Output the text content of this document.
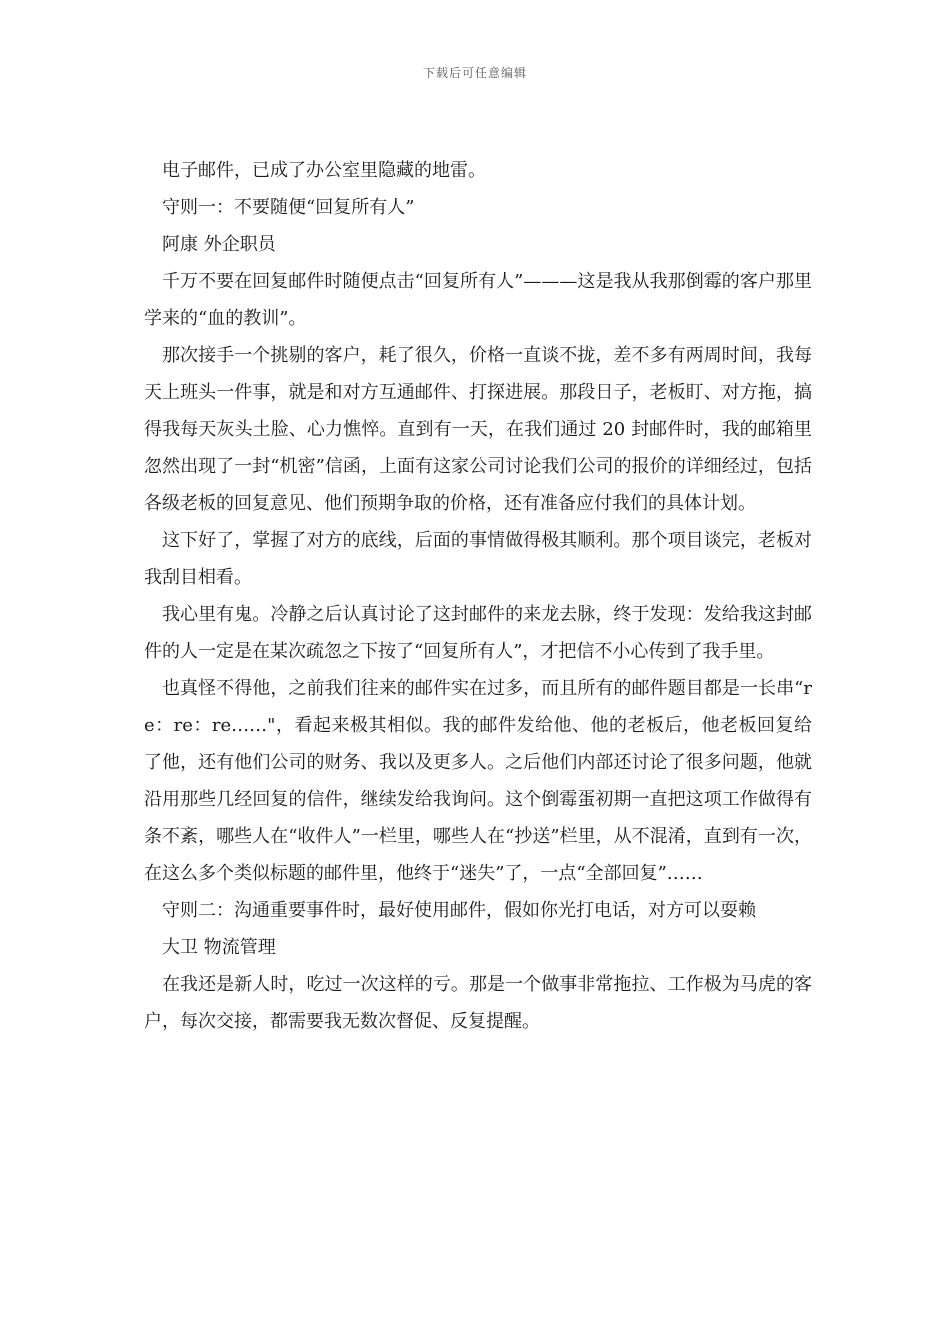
下载后可任意编辑

电子邮件，已成了办公室里隐藏的地雷。

守则一：不要随便“回复所有人”

阿康 外企职员

千万不要在回复邮件时随便点击“回复所有人”———这是我从我那倒霉的客户那里学来的“血的教训”。

那次接手一个挑剔的客户，耗了很久，价格一直谈不拢，差不多有两周时间，我每天上班头一件事，就是和对方互通邮件、打探进展。那段日子，老板盯、对方拖，搞得我每天灰头土脸、心力憔悴。直到有一天，在我们通过 20 封邮件时，我的邮箱里忽然出现了一封“机密”信函，上面有这家公司讨论我们公司的报价的详细经过，包括各级老板的回复意见、他们预期争取的价格，还有准备应付我们的具体计划。

这下好了，掌握了对方的底线，后面的事情做得极其顺利。那个项目谈完，老板对我刮目相看。

我心里有鬼。冷静之后认真讨论了这封邮件的来龙去脉，终于发现：发给我这封邮件的人一定是在某次疏忽之下按了“回复所有人”，才把信不小心传到了我手里。

也真怪不得他，之前我们往来的邮件实在过多，而且所有的邮件题目都是一长串“re：re：re……"，看起来极其相似。我的邮件发给他、他的老板后，他老板回复给了他，还有他们公司的财务、我以及更多人。之后他们内部还讨论了很多问题，他就沿用那些几经回复的信件，继续发给我询问。这个倒霉蛋初期一直把这项工作做得有条不紊，哪些人在“收件人”一栏里，哪些人在“抄送”栏里，从不混淆，直到有一次，在这么多个类似标题的邮件里，他终于“迷失”了，一点“全部回复”……

守则二：沟通重要事件时，最好使用邮件，假如你光打电话，对方可以耍赖

大卫 物流管理

在我还是新人时，吃过一次这样的亏。那是一个做事非常拖拉、工作极为马虎的客户，每次交接，都需要我无数次督促、反复提醒。
